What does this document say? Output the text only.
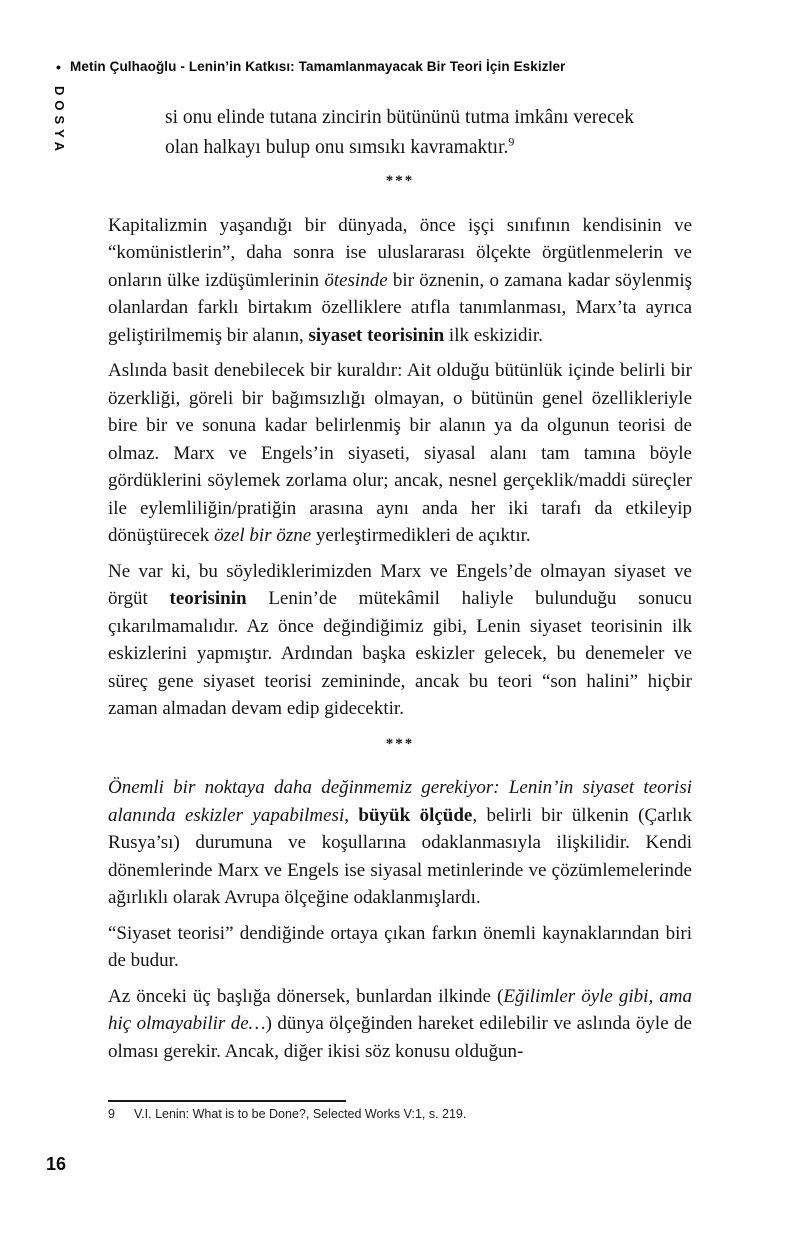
• Metin Çulhaoğlu - Lenin’in Katkısı: Tamamlanmayacak Bir Teori İçin Eskizler
DOSYA	si onu elinde tutana zincirin bütününü tutma imkânı verecek olan halkayı bulup onu sımsıkı kavramaktır.$^9$
***

Kapitalizmin yaşandığı bir dünyada, önce işçi sınıfının kendisinin ve “komünistlerin”, daha sonra ise uluslararası ölçekte örgütlenmelerin ve onların ülke izdüşümlerinin ötesinde bir öznenin, o zamana kadar söylenmiş olanlardan farklı birtakım özelliklere atıfla tanımlanması, Marx’ta ayrıca geliştirilmemiş bir alanın, siyaset teorisinin ilk eskizidir.

Aslında basit denebilecek bir kuraldır: Ait olduğu bütünlük içinde belirli bir özerkliği, göreli bir bağımsızlığı olmayan, o bütünün genel özellikleriyle bire bir ve sonuna kadar belirlenmiş bir alanın ya da olgunun teorisi de olmaz. Marx ve Engels’in siyaseti, siyasal alanı tam tamına böyle gördüklerini söylemek zorlama olur; ancak, nesnel gerçeklik/maddi süreçler ile eylemliliğin/pratiğin arasına aynı anda her iki tarafı da etkileyip dönüştürecek özel bir özne yerleştirmedikleri de açıktır.

Ne var ki, bu söylediklerimizden Marx ve Engels’de olmayan siyaset ve örgüt teorisinin Lenin’de mütekâmil haliyle bulunduğu sonucu çıkarılmamalıdır. Az önce değindiğimiz gibi, Lenin siyaset teorisinin ilk eskizlerini yapmıştır. Ardından başka eskizler gelecek, bu denemeler ve süreç gene siyaset teorisi zemininde, ancak bu teori “son halini” hiçbir zaman almadan devam edip gidecektir.

***

Önemli bir noktaya daha değinmemiz gerekiyor: Lenin’in siyaset teorisi alanında eskizler yapabilmesi, büyük ölçüde, belirli bir ülkenin (Çarlık Rusya’sı) durumuna ve koşullarına odaklanmasıyla ilişkilidir. Kendi dönemlerinde Marx ve Engels ise siyasal metinlerinde ve çözümlemelerinde ağırlıklı olarak Avrupa ölçeğine odaklanmışlardı.

“Siyaset teorisi” dendiğinde ortaya çıkan farkın önemli kaynaklarından biri de budur.

Az önceki üç başlığa dönersek, bunlardan ilkinde (Eğilimler öyle gibi, ama hiç olmayabilir de…) dünya ölçeğinden hareket edilebilir ve aslında öyle de olması gerekir. Ancak, diğer ikisi söz konusu olduğun-

9	V.I. Lenin: What is to be Done?, Selected Works V:1, s. 219.
16
